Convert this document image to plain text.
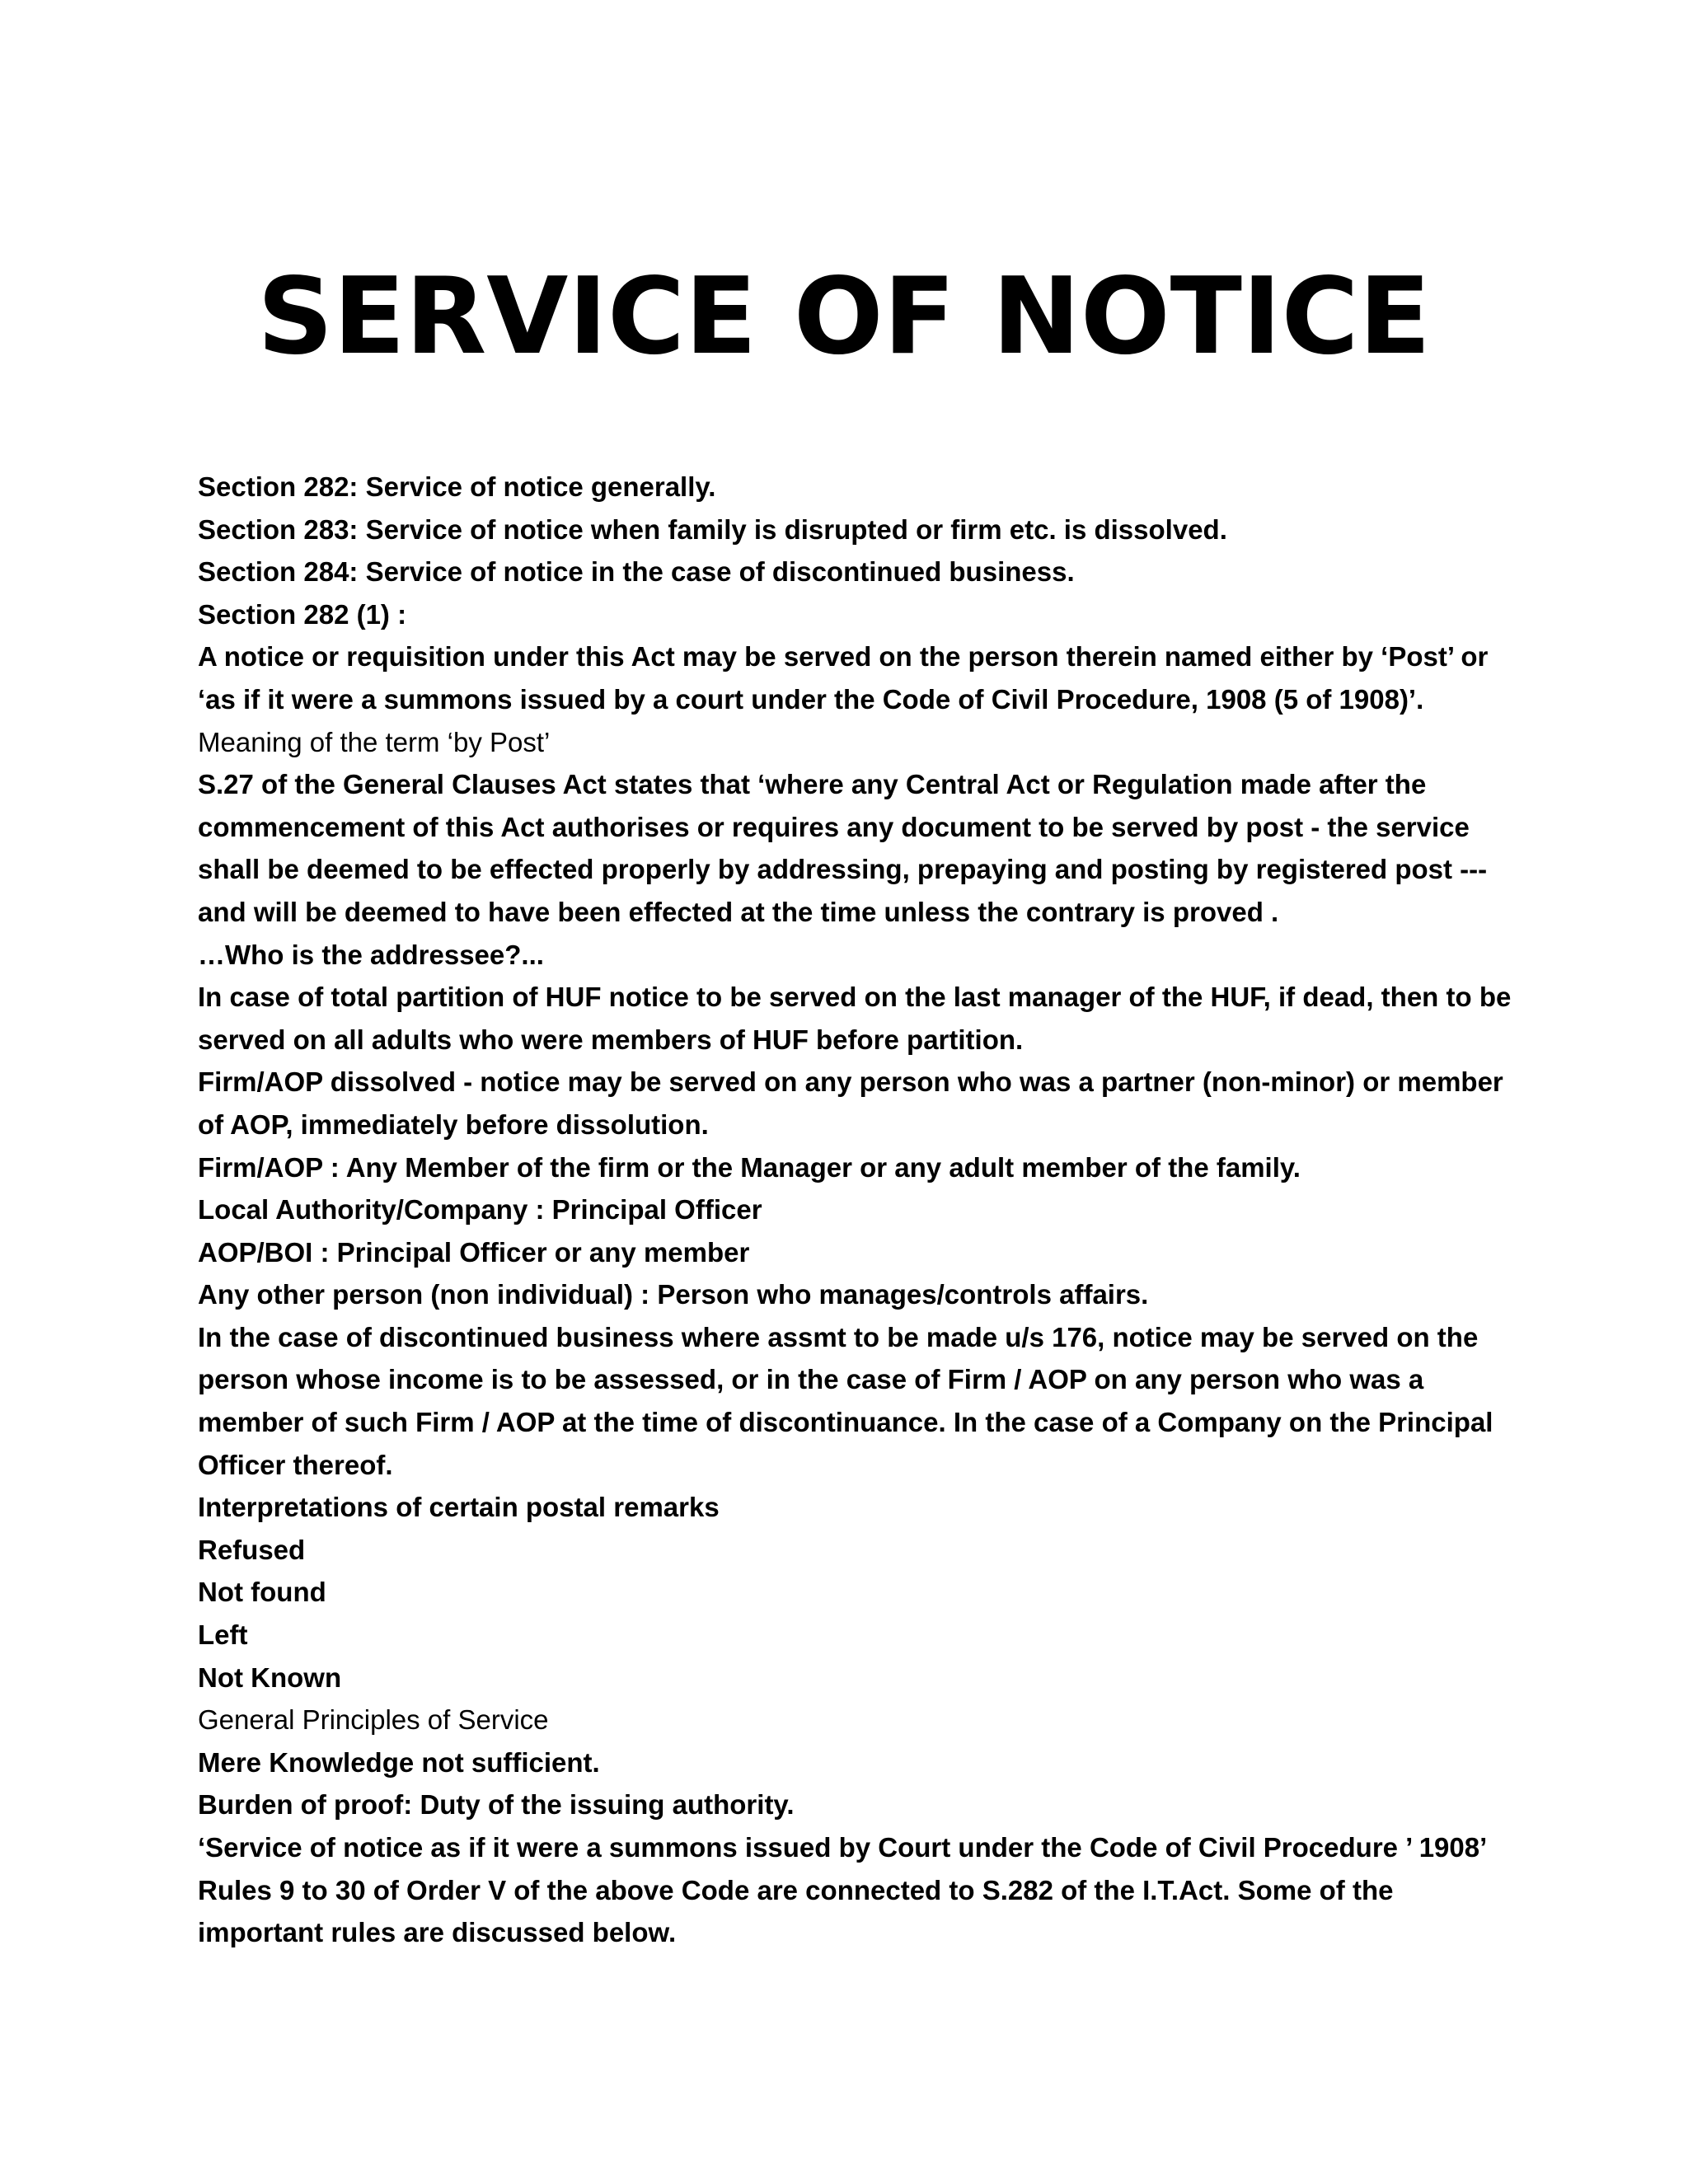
SERVICE OF NOTICE
Section 282: Service of notice generally.
Section 283: Service of notice when family is disrupted or firm etc. is dissolved.
Section 284: Service of notice in the case of discontinued business.
Section 282 (1) :
A notice or requisition under this Act may be served on the person therein named either by ‘Post’ or
‘as if it were a summons issued by a court under the Code of Civil Procedure, 1908 (5 of 1908)’.
Meaning of the term ‘by Post’
S.27 of the General Clauses Act states that ‘where any Central Act or Regulation made after the
commencement of this Act authorises or requires any document to be served by post - the service
shall be deemed to be effected properly by addressing, prepaying and posting by registered post ---
and will be deemed to have been effected at the time unless the contrary is proved .
…Who is the addressee?...
In case of total partition of HUF notice to be served on the last manager of the HUF, if dead, then to be
served on all adults who were members of HUF before partition.
Firm/AOP dissolved - notice may be served on any person who was a partner (non-minor) or member
of AOP, immediately before dissolution.
Firm/AOP : Any Member of the firm or the Manager or any adult member of the family.
Local Authority/Company : Principal Officer
AOP/BOI : Principal Officer or any member
Any other person (non individual) : Person who manages/controls affairs.
In the case of discontinued business where assmt to be made u/s 176, notice may be served on the
person whose income is to be assessed, or in the case of Firm / AOP on any person who was a
member of such Firm / AOP at the time of discontinuance. In the case of a Company on the Principal
Officer thereof.
Interpretations of certain postal remarks
Refused
Not found
Left
Not Known
General Principles of Service
Mere Knowledge not sufficient.
Burden of proof: Duty of the issuing authority.
‘Service of notice as if it were a summons issued by Court under the Code of Civil Procedure ’ 1908’
Rules 9 to 30 of Order V of the above Code are connected to S.282 of the I.T.Act. Some of the
important rules are discussed below.
